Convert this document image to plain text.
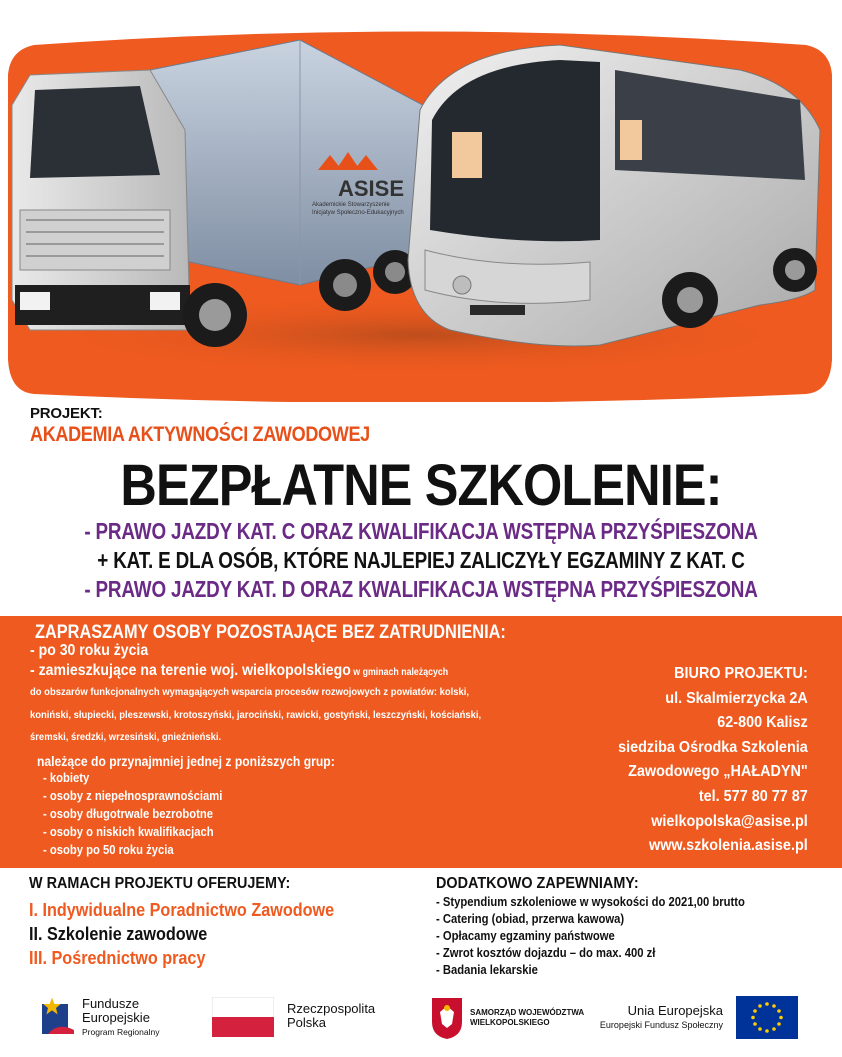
ASISE
Akademickie Stowarzyszenie
Inicjatyw Społeczno-Edukacyjnych
PROJEKT:
AKADEMIA AKTYWNOŚCI ZAWODOWEJ
BEZPŁATNE SZKOLENIE:
- PRAWO JAZDY KAT. C ORAZ KWALIFIKACJA WSTĘPNA PRZYŚPIESZONA
+ KAT. E DLA OSÓB, KTÓRE NAJLEPIEJ ZALICZYŁY EGZAMINY Z KAT. C
- PRAWO JAZDY KAT. D ORAZ KWALIFIKACJA WSTĘPNA PRZYŚPIESZONA
ZAPRASZAMY OSOBY POZOSTAJĄCE BEZ ZATRUDNIENIA:
- po 30 roku życia
- zamieszkujące na terenie woj. wielkopolskiego w gminach należących
do obszarów funkcjonalnych wymagających wsparcia procesów rozwojowych z powiatów: kolski,
koniński, słupiecki, pleszewski, krotoszyński, jarociński, rawicki, gostyński, leszczyński, kościański,
śremski, średzki, wrzesiński, gnieźnieński.
należące do przynajmniej jednej z poniższych grup:
- kobiety
- osoby z niepełnosprawnościami
- osoby długotrwale bezrobotne
- osoby o niskich kwalifikacjach
- osoby po 50 roku życia
BIURO PROJEKTU:
ul. Skalmierzycka 2A
62-800 Kalisz
siedziba Ośrodka Szkolenia
Zawodowego „HAŁADYN"
tel. 577 80 77 87
wielkopolska@asise.pl
www.szkolenia.asise.pl
W RAMACH PROJEKTU OFERUJEMY:
I. Indywidualne Poradnictwo Zawodowe
II. Szkolenie zawodowe
III. Pośrednictwo pracy
DODATKOWO ZAPEWNIAMY:
- Stypendium szkoleniowe w wysokości do 2021,00 brutto
- Catering (obiad, przerwa kawowa)
- Opłacamy egzaminy państwowe
- Zwrot kosztów dojazdu – do max. 400 zł
- Badania lekarskie
Fundusze
Europejskie
Program Regionalny
Rzeczpospolita
Polska
SAMORZĄD WOJEWÓDZTWA
WIELKOPOLSKIEGO
Unia Europejska
Europejski Fundusz Społeczny
